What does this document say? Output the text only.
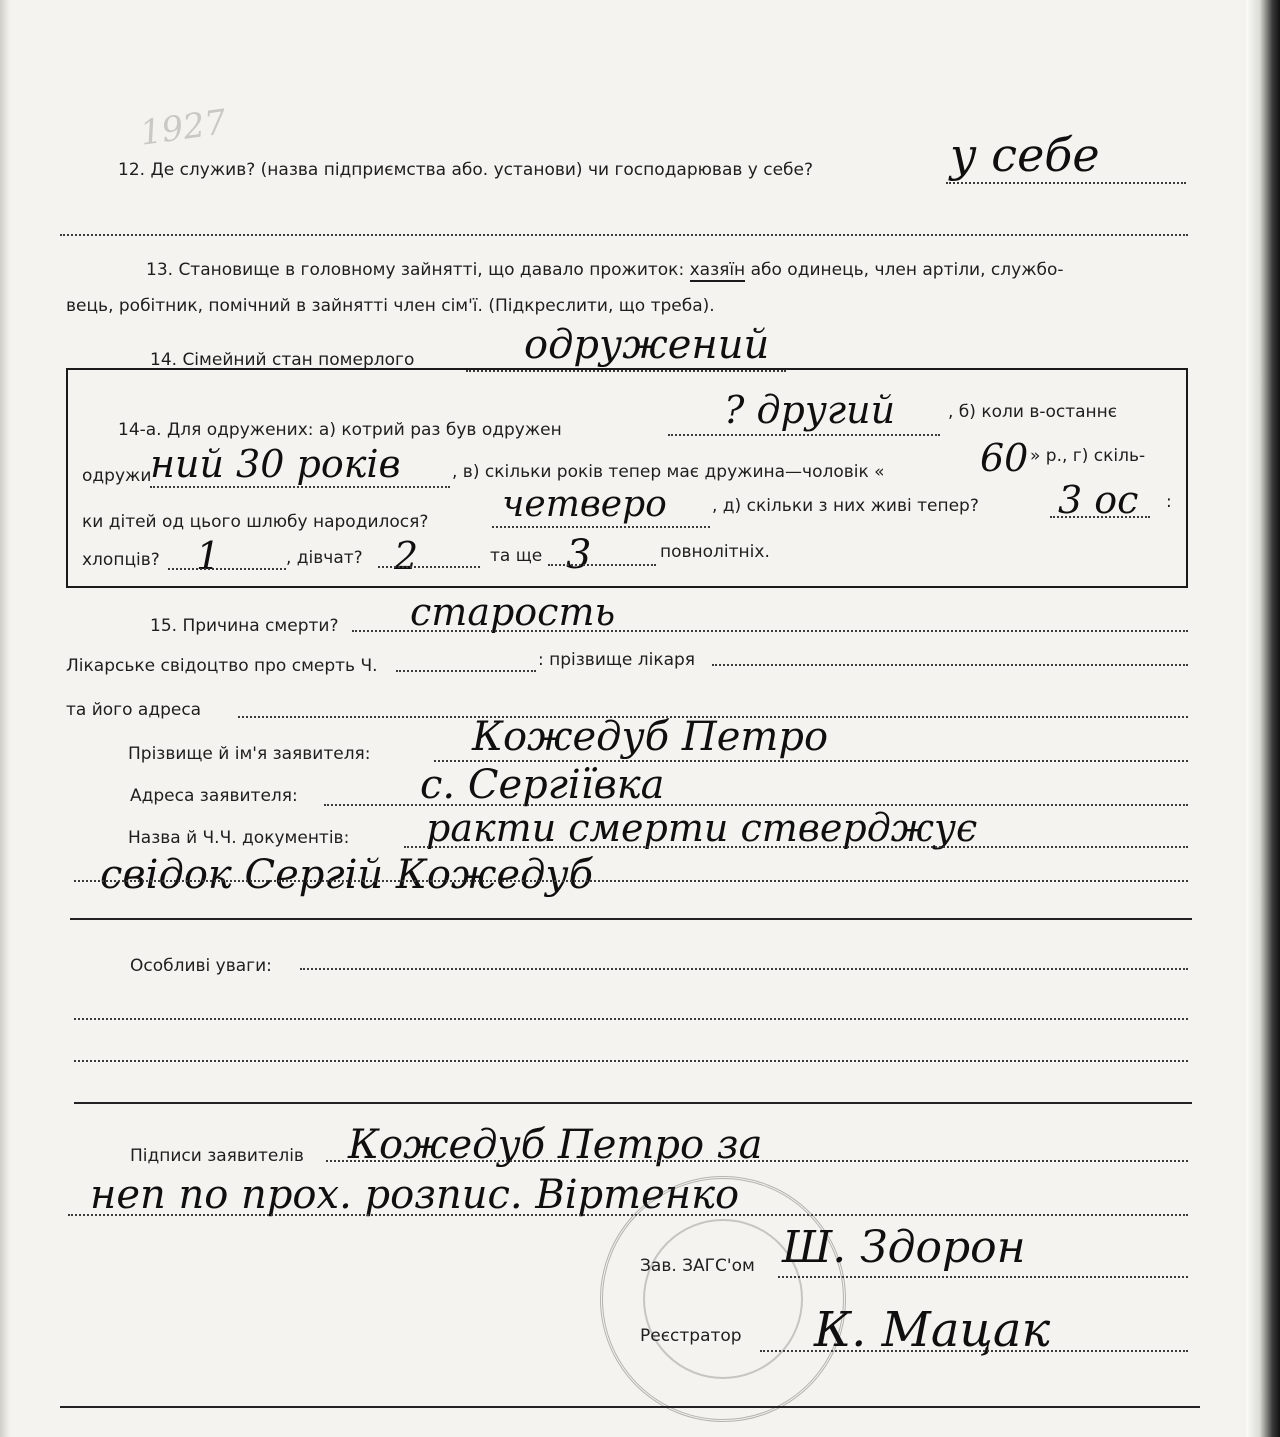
1927
12. Де служив? (назва підприємства або. установи) чи господарював у себе?	у себе
13. Становище в головному зайнятті, що давало прожиток: хазяїн або одинець, член артіли, службо-
вець, робітник, помічний в зайнятті член сім'ї. (Підкреслити, що треба).
14. Сімейний стан померлого	одружений
14-а. Для одружених: а) котрий раз був одружен	? другий	, б) коли в-останнє
одружи
ний 30 років	, в) скільки років тепер має дружина—чоловік «	60 » р., г) скіль-
ки дітей од цього шлюбу народилося? четверо	, д) скільки з них живі тепер? 3 ос :
хлопців? 1	, дівчат? 2	та ще 3	повнолітніх.
15. Причина смерти? старость
Лікарське свідоцтво про смерть Ч.	: прізвище лікаря
та його адреса
Прізвище й ім'я заявителя:	Кожедуб Петро
Адреса заявителя:	с. Сергіївка
Назва й Ч.Ч. документів: ракти смерти стверджує
свідок Сергій Кожедуб
Особливі уваги:
Підписи заявителів Кожедуб Петро за
неп по прох. розпис. Віртенко
Зав. ЗАГС'ом Ш. Здорон
Реєстратор К. Мацак
